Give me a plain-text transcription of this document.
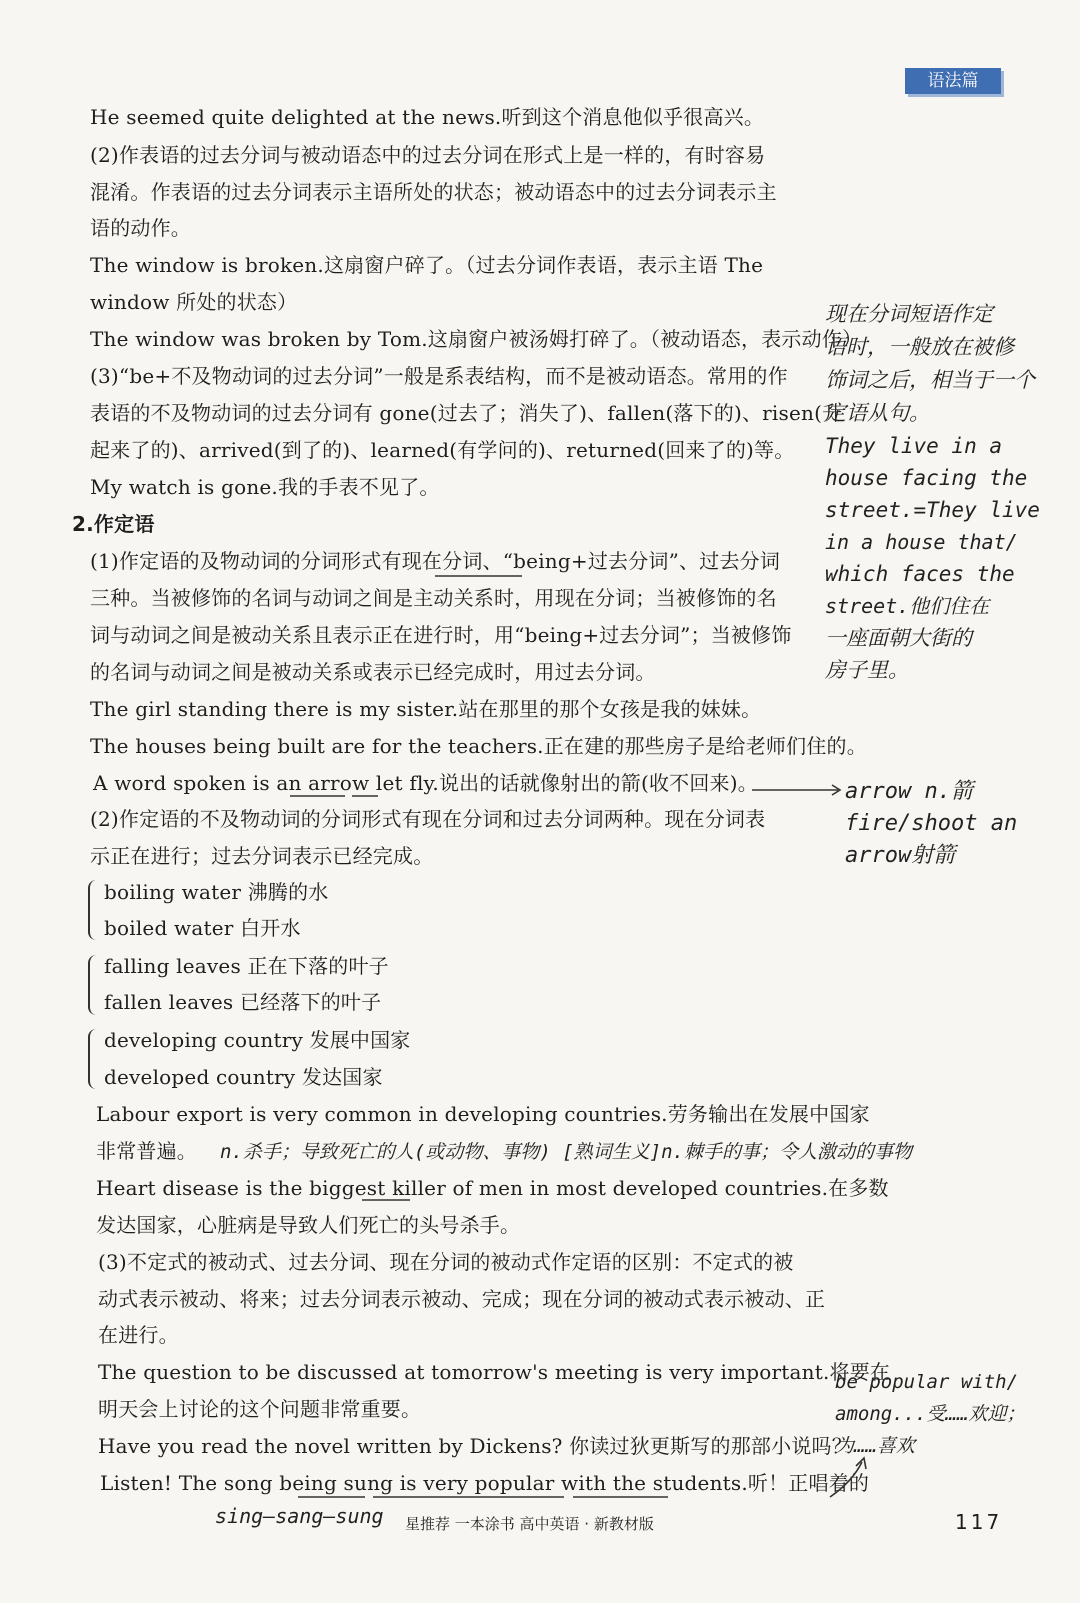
语法篇
He seemed quite delighted at the news.听到这个消息他似乎很高兴。
(2)作表语的过去分词与被动语态中的过去分词在形式上是一样的，有时容易
混淆。作表语的过去分词表示主语所处的状态；被动语态中的过去分词表示主
语的动作。
The window is broken.这扇窗户碎了。（过去分词作表语，表示主语 The
window 所处的状态）
The window was broken by Tom.这扇窗户被汤姆打碎了。（被动语态，表示动作）
(3)“be+不及物动词的过去分词”一般是系表结构，而不是被动语态。常用的作
表语的不及物动词的过去分词有 gone(过去了；消失了)、fallen(落下的)、risen(升
起来了的)、arrived(到了的)、learned(有学问的)、returned(回来了的)等。
My watch is gone.我的手表不见了。
2.作定语
(1)作定语的及物动词的分词形式有现在分词、“being+过去分词”、过去分词
三种。当被修饰的名词与动词之间是主动关系时，用现在分词；当被修饰的名
词与动词之间是被动关系且表示正在进行时，用“being+过去分词”；当被修饰
的名词与动词之间是被动关系或表示已经完成时，用过去分词。
The girl standing there is my sister.站在那里的那个女孩是我的妹妹。
The houses being built are for the teachers.正在建的那些房子是给老师们住的。
A word spoken is an arrow let fly.说出的话就像射出的箭(收不回来)。
(2)作定语的不及物动词的分词形式有现在分词和过去分词两种。现在分词表
示正在进行；过去分词表示已经完成。
boiling water 沸腾的水
boiled water 白开水
falling leaves 正在下落的叶子
fallen leaves 已经落下的叶子
developing country 发展中国家
developed country 发达国家
Labour export is very common in developing countries.劳务输出在发展中国家
非常普遍。
Heart disease is the biggest killer of men in most developed countries.在多数
发达国家，心脏病是导致人们死亡的头号杀手。
(3)不定式的被动式、过去分词、现在分词的被动式作定语的区别：不定式的被
动式表示被动、将来；过去分词表示被动、完成；现在分词的被动式表示被动、正
在进行。
The question to be discussed at tomorrow's meeting is very important.将要在
明天会上讨论的这个问题非常重要。
Have you read the novel written by Dickens? 你读过狄更斯写的那部小说吗？
Listen! The song being sung is very popular with the students.听！正唱着的
现在分词短语作定
语时，一般放在被修
饰词之后，相当于一个
定语从句。
They live in a
house facing the
street.=They live
in a house that/
which faces the
street.他们住在
一座面朝大街的
房子里。
arrow n.箭
fire/shoot an
arrow射箭
n.杀手；导致死亡的人(或动物、事物) [熟词生义]n.棘手的事；令人激动的事物
be popular with/
among...受……欢迎；
为……喜欢
sing—sang—sung 星推荐 一本涂书 高中英语 · 新教材版	117
